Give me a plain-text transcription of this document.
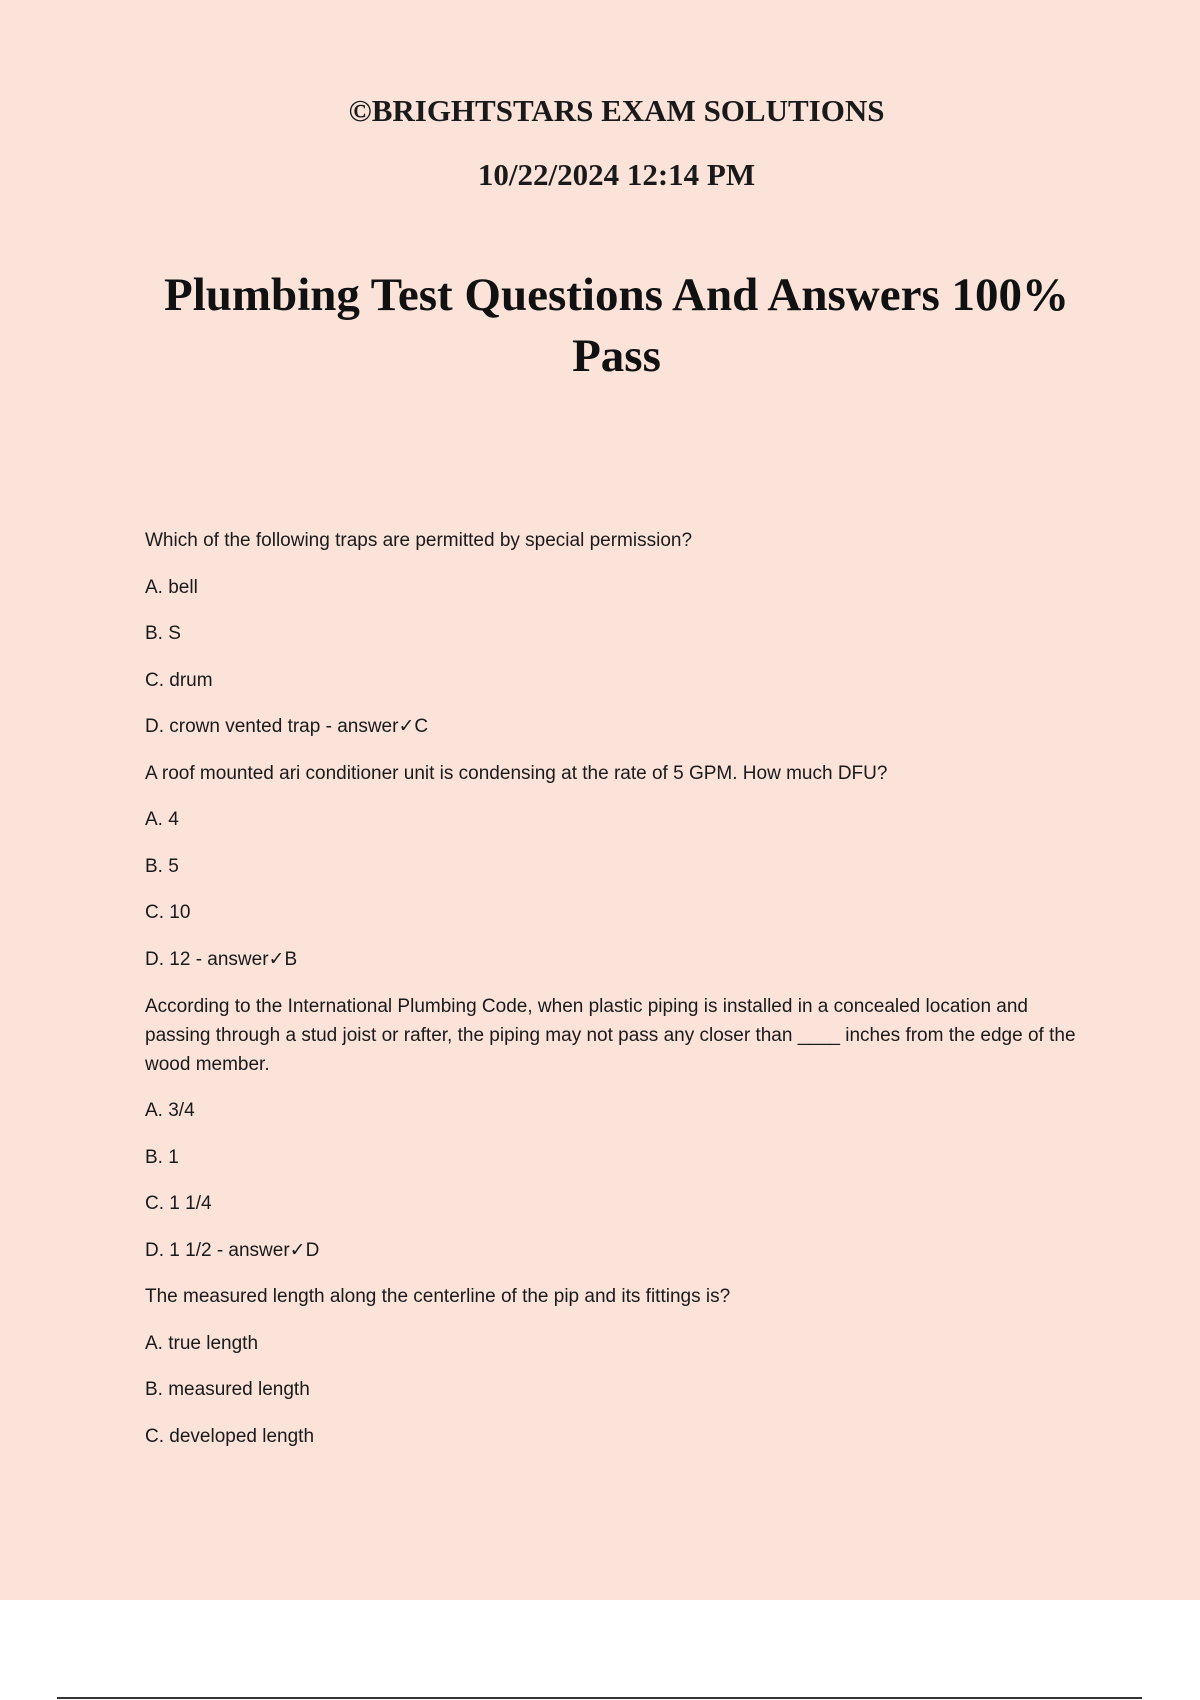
©BRIGHTSTARS EXAM SOLUTIONS

10/22/2024 12:14 PM

Plumbing Test Questions And Answers 100%
Pass

Which of the following traps are permitted by special permission?

A. bell

B. S

C. drum

D. crown vented trap - answer✓C

A roof mounted ari conditioner unit is condensing at the rate of 5 GPM. How much DFU?

A. 4

B. 5

C. 10

D. 12 - answer✓B

According to the International Plumbing Code, when plastic piping is installed in a concealed location and passing through a stud joist or rafter, the piping may not pass any closer than ____ inches from the edge of the wood member.

A. 3/4

B. 1

C. 1 1/4

D. 1 1/2 - answer✓D

The measured length along the centerline of the pip and its fittings is?

A. true length

B. measured length

C. developed length
